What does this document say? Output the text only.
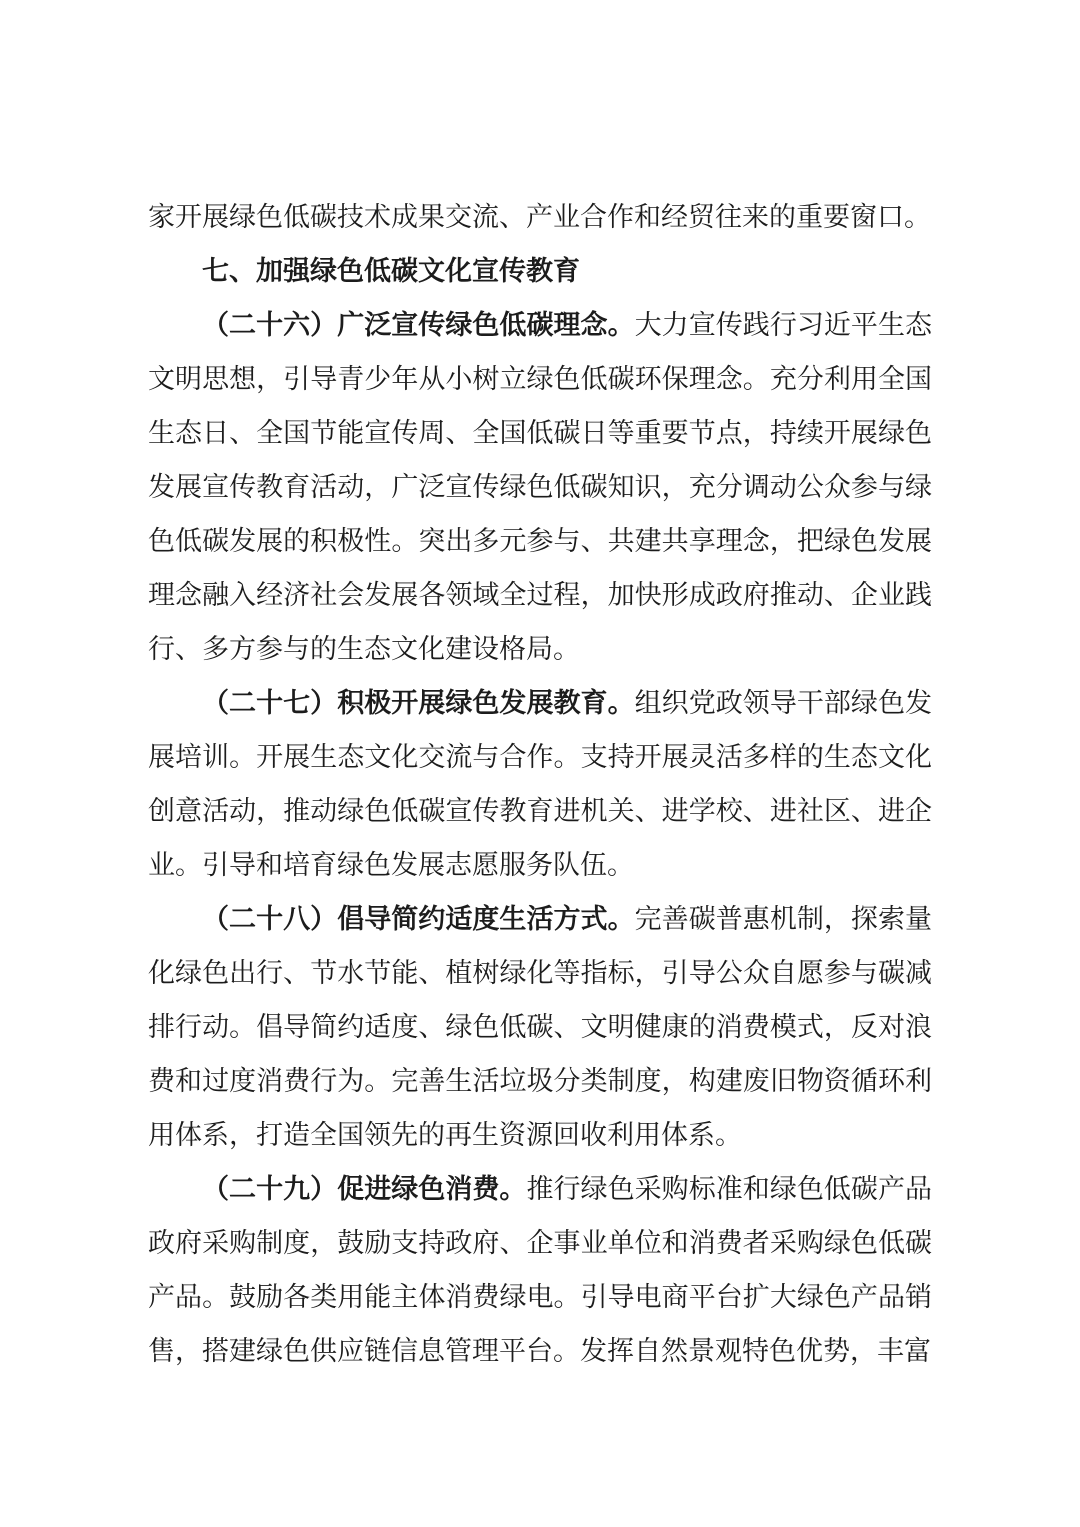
家开展绿色低碳技术成果交流、产业合作和经贸往来的重要窗口。

七、加强绿色低碳文化宣传教育

（二十六）广泛宣传绿色低碳理念。大力宣传践行习近平生态文明思想，引导青少年从小树立绿色低碳环保理念。充分利用全国生态日、全国节能宣传周、全国低碳日等重要节点，持续开展绿色发展宣传教育活动，广泛宣传绿色低碳知识，充分调动公众参与绿色低碳发展的积极性。突出多元参与、共建共享理念，把绿色发展理念融入经济社会发展各领域全过程，加快形成政府推动、企业践行、多方参与的生态文化建设格局。

（二十七）积极开展绿色发展教育。组织党政领导干部绿色发展培训。开展生态文化交流与合作。支持开展灵活多样的生态文化创意活动，推动绿色低碳宣传教育进机关、进学校、进社区、进企业。引导和培育绿色发展志愿服务队伍。

（二十八）倡导简约适度生活方式。完善碳普惠机制，探索量化绿色出行、节水节能、植树绿化等指标，引导公众自愿参与碳减排行动。倡导简约适度、绿色低碳、文明健康的消费模式，反对浪费和过度消费行为。完善生活垃圾分类制度，构建废旧物资循环利用体系，打造全国领先的再生资源回收利用体系。

（二十九）促进绿色消费。推行绿色采购标准和绿色低碳产品政府采购制度，鼓励支持政府、企事业单位和消费者采购绿色低碳产品。鼓励各类用能主体消费绿电。引导电商平台扩大绿色产品销售，搭建绿色供应链信息管理平台。发挥自然景观特色优势，丰富
